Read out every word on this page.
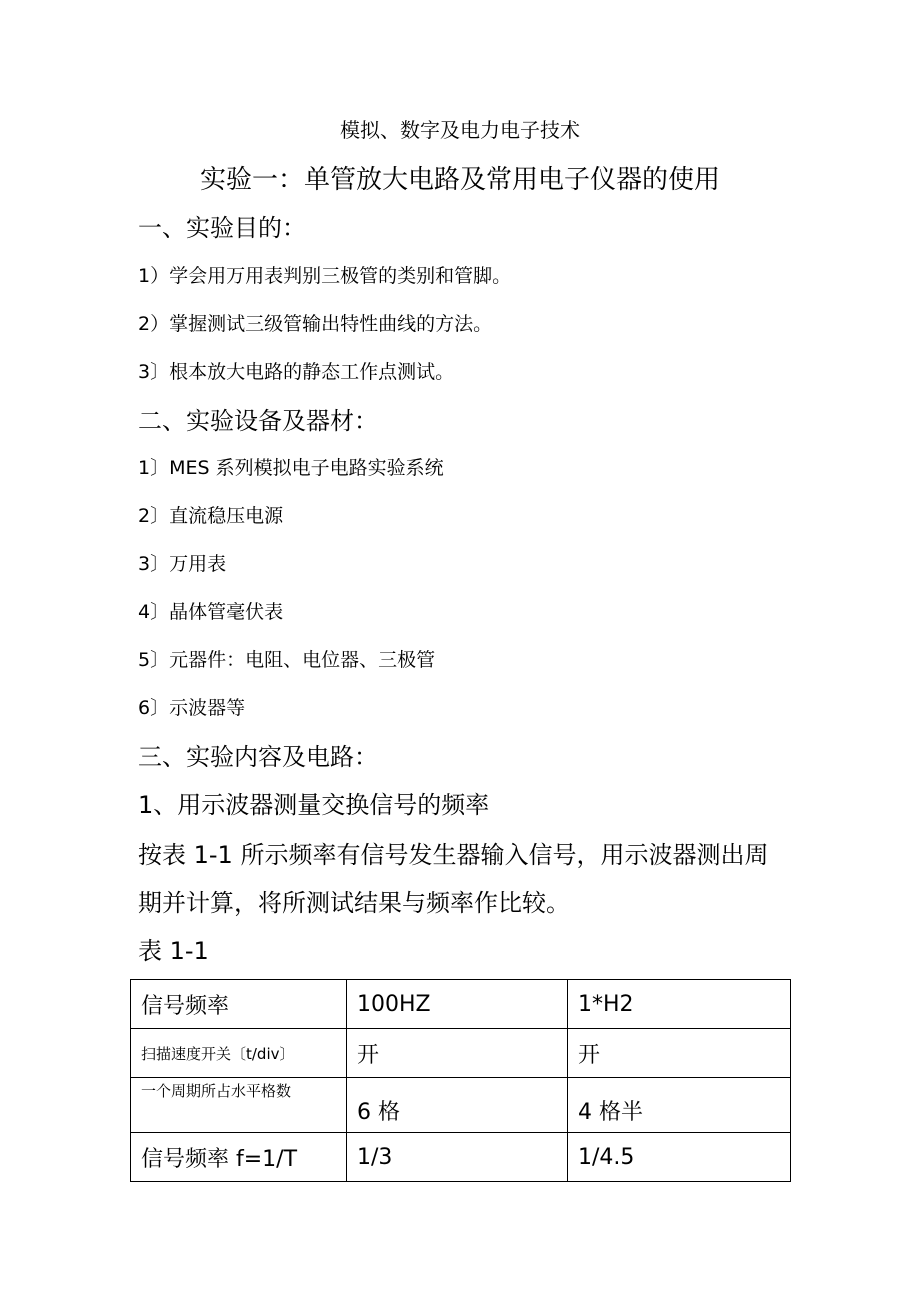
模拟、数字及电力电子技术
实验一：单管放大电路及常用电子仪器的使用
一、实验目的：
1）学会用万用表判别三极管的类别和管脚。
2）掌握测试三级管输出特性曲线的方法。
3〕根本放大电路的静态工作点测试。
二、实验设备及器材：
1〕MES 系列模拟电子电路实验系统
2〕直流稳压电源
3〕万用表
4〕晶体管毫伏表
5〕元器件：电阻、电位器、三极管
6〕示波器等
三、实验内容及电路：
1、用示波器测量交换信号的频率
按表 1-1 所示频率有信号发生器输入信号，用示波器测出周
期并计算，将所测试结果与频率作比较。
表 1-1
信号频率	100HZ	1*H2
扫描速度开关〔t/div〕	开	开
一个周期所占水平格数	6 格	4 格半
信号频率 f=1/T	1/3	1/4.5
